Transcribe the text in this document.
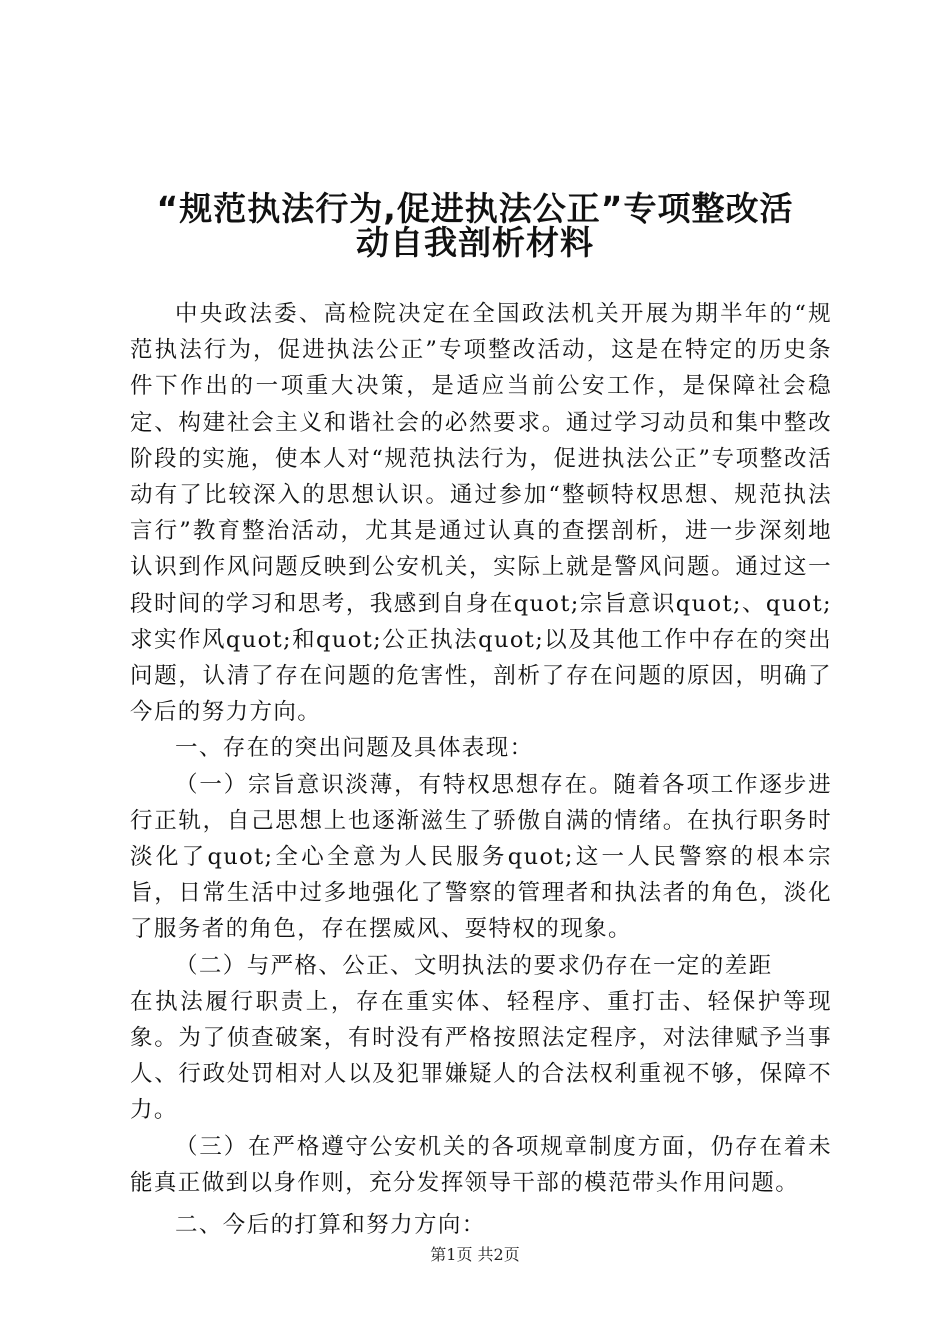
“规范执法行为,促进执法公正”专项整改活
动自我剖析材料

中央政法委、高检院决定在全国政法机关开展为期半年的“规范执法行为，促进执法公正”专项整改活动，这是在特定的历史条件下作出的一项重大决策，是适应当前公安工作，是保障社会稳定、构建社会主义和谐社会的必然要求。通过学习动员和集中整改阶段的实施，使本人对“规范执法行为，促进执法公正”专项整改活动有了比较深入的思想认识。通过参加“整顿特权思想、规范执法言行”教育整治活动，尤其是通过认真的查摆剖析，进一步深刻地认识到作风问题反映到公安机关，实际上就是警风问题。通过这一段时间的学习和思考，我感到自身在quot;宗旨意识quot;、quot;求实作风quot;和quot;公正执法quot;以及其他工作中存在的突出问题，认清了存在问题的危害性，剖析了存在问题的原因，明确了今后的努力方向。

一、存在的突出问题及具体表现：

（一）宗旨意识淡薄，有特权思想存在。随着各项工作逐步进行正轨，自己思想上也逐渐滋生了骄傲自满的情绪。在执行职务时淡化了quot;全心全意为人民服务quot;这一人民警察的根本宗旨，日常生活中过多地强化了警察的管理者和执法者的角色，淡化了服务者的角色，存在摆威风、耍特权的现象。

（二）与严格、公正、文明执法的要求仍存在一定的差距

在执法履行职责上，存在重实体、轻程序、重打击、轻保护等现象。为了侦查破案，有时没有严格按照法定程序，对法律赋予当事人、行政处罚相对人以及犯罪嫌疑人的合法权利重视不够，保障不力。

（三）在严格遵守公安机关的各项规章制度方面，仍存在着未能真正做到以身作则，充分发挥领导干部的模范带头作用问题。

二、今后的打算和努力方向：

第1页 共2页
